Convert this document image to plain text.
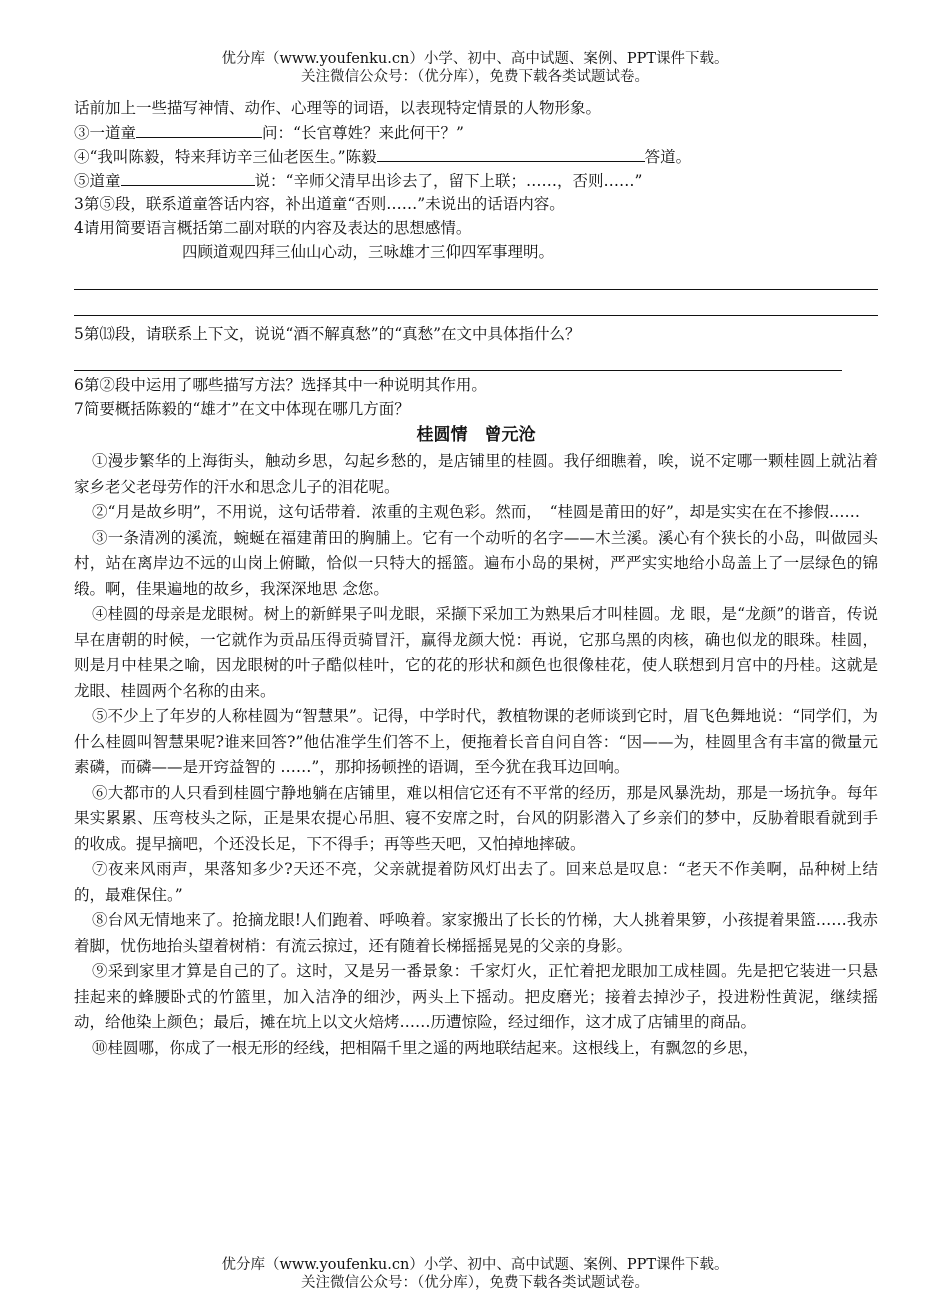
优分库（www.youfenku.cn）小学、初中、高中试题、案例、PPT课件下载。
关注微信公众号：（优分库），免费下载各类试题试卷。
话前加上一些描写神情、动作、心理等的词语，以表现特定情景的人物形象。
③一道童	问：“长官尊姓？来此何干？”
④“我叫陈毅，特来拜访辛三仙老医生。”陈毅	答道。
⑤道童	说：“辛师父清早出诊去了，留下上联；……，否则……”
3第⑤段，联系道童答话内容，补出道童“否则……”未说出的话语内容。
4请用简要语言概括第二副对联的内容及表达的思想感情。
四顾道观四拜三仙山心动，三咏雄才三仰四军事理明。
5第⒀段，请联系上下文，说说“酒不解真愁”的“真愁”在文中具体指什么？
6第②段中运用了哪些描写方法？选择其中一种说明其作用。
7简要概括陈毅的“雄才”在文中体现在哪几方面？
桂圆情　曾元沧

①漫步繁华的上海街头，触动乡思，勾起乡愁的，是店铺里的桂圆。我仔细瞧着，唉，说不定哪一颗桂圆上就沾着家乡老父老母劳作的汗水和思念儿子的泪花呢。

②“月是故乡明”，不用说，这句话带着．浓重的主观色彩。然而，　“桂圆是莆田的好”，却是实实在在不掺假……

③一条清冽的溪流，蜿蜒在福建莆田的胸脯上。它有一个动听的名字——木兰溪。溪心有个狭长的小岛，叫做园头村，站在离岸边不远的山岗上俯瞰，恰似一只特大的摇篮。遍布小岛的果树，严严实实地给小岛盖上了一层绿色的锦缎。啊，佳果遍地的故乡，我深深地思 念您。

④桂圆的母亲是龙眼树。树上的新鲜果子叫龙眼，采撷下采加工为熟果后才叫桂圆。龙 眼，是“龙颜”的谐音，传说早在唐朝的时候，一它就作为贡品压得贡骑冒汗，赢得龙颜大悦：再说，它那乌黑的肉核，确也似龙的眼珠。桂圆，则是月中桂果之喻，因龙眼树的叶子酷似桂叶，它的花的形状和颜色也很像桂花，使人联想到月宫中的丹桂。这就是龙眼、桂圆两个名称的由来。

⑤不少上了年岁的人称桂圆为“智慧果”。记得，中学时代，教植物课的老师谈到它时，眉飞色舞地说：“同学们，为什么桂圆叫智慧果呢?谁来回答?”他估准学生们答不上，便拖着长音自问自答：“因——为，桂圆里含有丰富的微量元素磷，而磷——是开窍益智的 ……”，那抑扬顿挫的语调，至今犹在我耳边回响。

⑥大都市的人只看到桂圆宁静地躺在店铺里，难以相信它还有不平常的经历，那是风暴洗劫，那是一场抗争。每年果实累累、压弯枝头之际，正是果农提心吊胆、寝不安席之时，台风的阴影潜入了乡亲们的梦中，反胁着眼看就到手的收成。提早摘吧，个还没长足，下不得手；再等些天吧，又怕掉地摔破。

⑦夜来风雨声，果落知多少?天还不亮，父亲就提着防风灯出去了。回来总是叹息：“老天不作美啊，品种树上结的，最难保住。”

⑧台风无情地来了。抢摘龙眼!人们跑着、呼唤着。家家搬出了长长的竹梯，大人挑着果箩，小孩提着果篮……我赤着脚，忧伤地抬头望着树梢：有流云掠过，还有随着长梯摇摇晃晃的父亲的身影。

⑨采到家里才算是自己的了。这时，又是另一番景象：千家灯火，正忙着把龙眼加工成桂圆。先是把它装进一只悬挂起来的蜂腰卧式的竹篮里，加入洁净的细沙，两头上下摇动。把皮磨光；接着去掉沙子，投进粉性黄泥，继续摇动，给他染上颜色；最后，摊在坑上以文火焙烤……历遭惊险，经过细作，这才成了店铺里的商品。

⑩桂圆哪，你成了一根无形的经线，把相隔千里之遥的两地联结起来。这根线上，有飘忽的乡思，

优分库（www.youfenku.cn）小学、初中、高中试题、案例、PPT课件下载。
关注微信公众号：（优分库），免费下载各类试题试卷。
